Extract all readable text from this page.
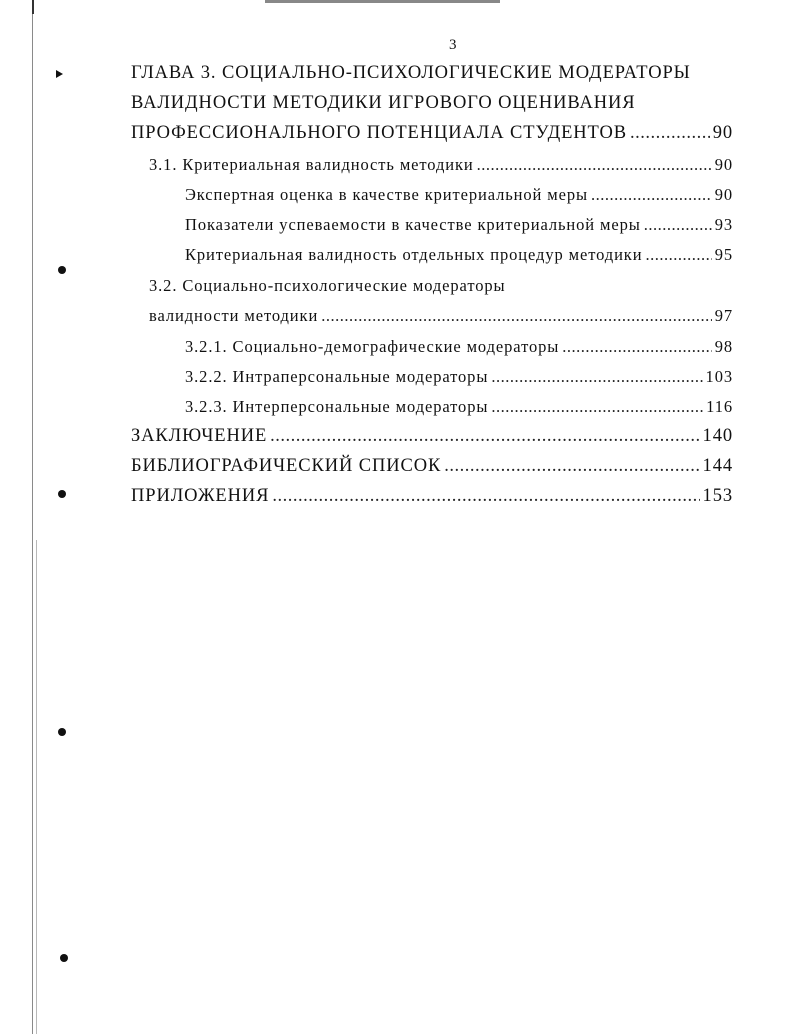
3
ГЛАВА 3. СОЦИАЛЬНО-ПСИХОЛОГИЧЕСКИЕ МОДЕРАТОРЫ
ВАЛИДНОСТИ МЕТОДИКИ ИГРОВОГО ОЦЕНИВАНИЯ
ПРОФЕССИОНАЛЬНОГО ПОТЕНЦИАЛА СТУДЕНТОВ .....	90
3.1. Критериальная валидность методики .....	90
Экспертная оценка в качестве критериальной меры .....	90
Показатели успеваемости в качестве критериальной меры .....	93
Критериальная валидность отдельных процедур методики .....	95
3.2. Социально-психологические модераторы
валидности методики .....	97
3.2.1. Социально-демографические модераторы .....	98
3.2.2. Интраперсональные модераторы .....	103
3.2.3. Интерперсональные модераторы .....	116
ЗАКЛЮЧЕНИЕ .....	140
БИБЛИОГРАФИЧЕСКИЙ СПИСОК .....	144
ПРИЛОЖЕНИЯ .....	153
